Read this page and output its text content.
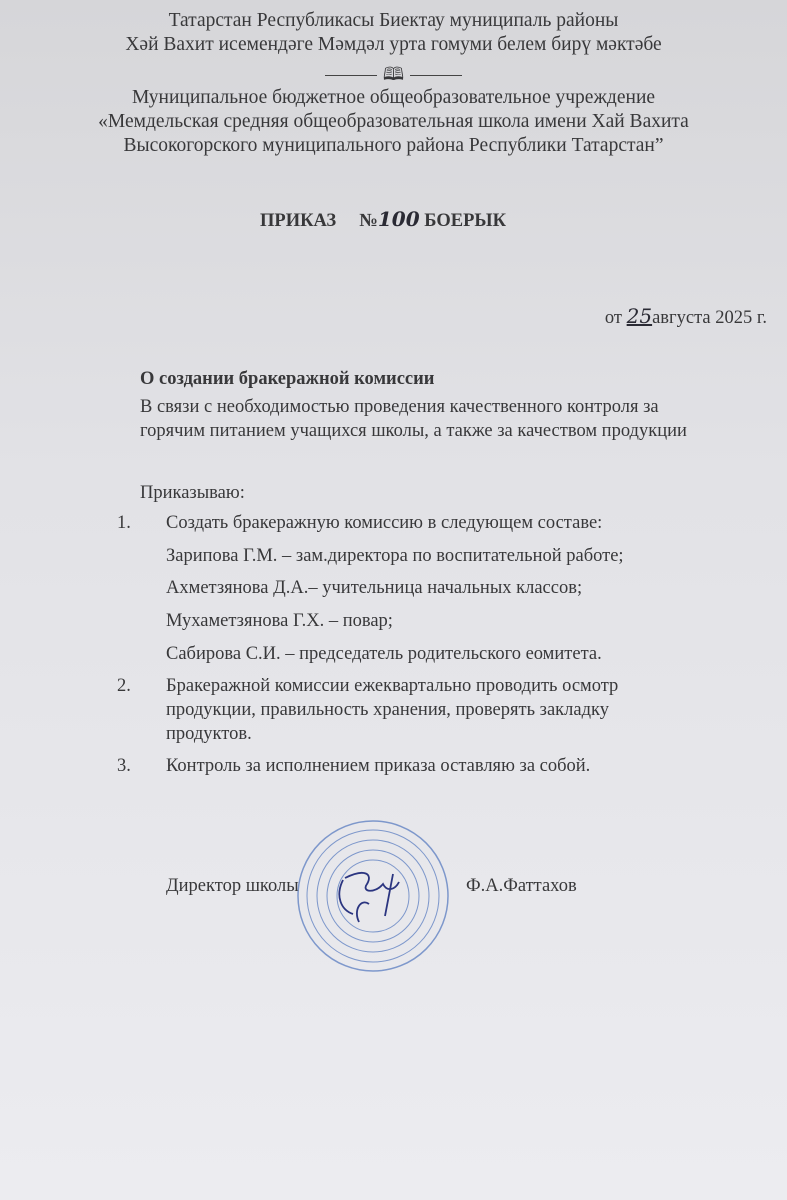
Татарстан Республикасы Биектау муниципаль районы
Хәй Вахит исемендәге Мәмдәл урта гомуми белем бирү мәктәбе
🕮
Муниципальное бюджетное общеобразовательное учреждение
«Мемдельская средняя общеобразовательная школа имени Хай Вахита
Высокогорского муниципального района Республики Татарстан”
ПРИКАЗ №100 БОЕРЫК
от 25августа 2025 г.
О создании бракеражной комиссии
В связи с необходимостью проведения качественного контроля за
горячим питанием учащихся школы, а также за качеством продукции
Приказываю:
1. Создать бракеражную комиссию в следующем составе:
Зарипова Г.М. – зам.директора по воспитательной работе;
Ахметзянова Д.А.– учительница начальных классов;
Мухаметзянова Г.Х. – повар;
Сабирова С.И. – председатель родительского еомитета.
2. Бракеражной комиссии ежеквартально проводить осмотр
продукции, правильность хранения, проверять закладку
продуктов.
3. Контроль за исполнением приказа оставляю за собой.
Директор школы	Ф.А.Фаттахов
